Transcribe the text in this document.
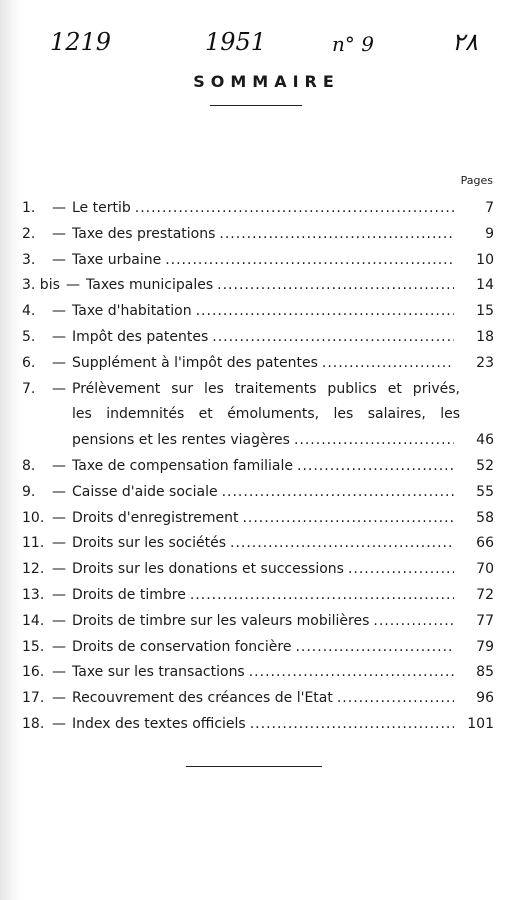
1219	1951	n° 9	٢٨
SOMMAIRE
Pages
1.	— Le tertib .....	7
2.	— Taxe des prestations .....	9
3.	— Taxe urbaine .....	10
3. bis — Taxes municipales .....	14
4.	— Taxe d'habitation .....	15
5.	— Impôt des patentes .....	18
6.	— Supplément à l'impôt des patentes .....	23
7.	— Prélèvement sur les traitements publics et privés,
les indemnités et émoluments, les salaires, les
pensions et les rentes viagères .....	46
8.	— Taxe de compensation familiale .....	52
9.	— Caisse d'aide sociale .....	55
10. — Droits d'enregistrement .....	58
11. — Droits sur les sociétés .....	66
12. — Droits sur les donations et successions .....	70
13. — Droits de timbre .....	72
14. — Droits de timbre sur les valeurs mobilières .....	77
15. — Droits de conservation foncière .....	79
16. — Taxe sur les transactions .....	85
17. — Recouvrement des créances de l'Etat .....	96
18. — Index des textes officiels .....	101
